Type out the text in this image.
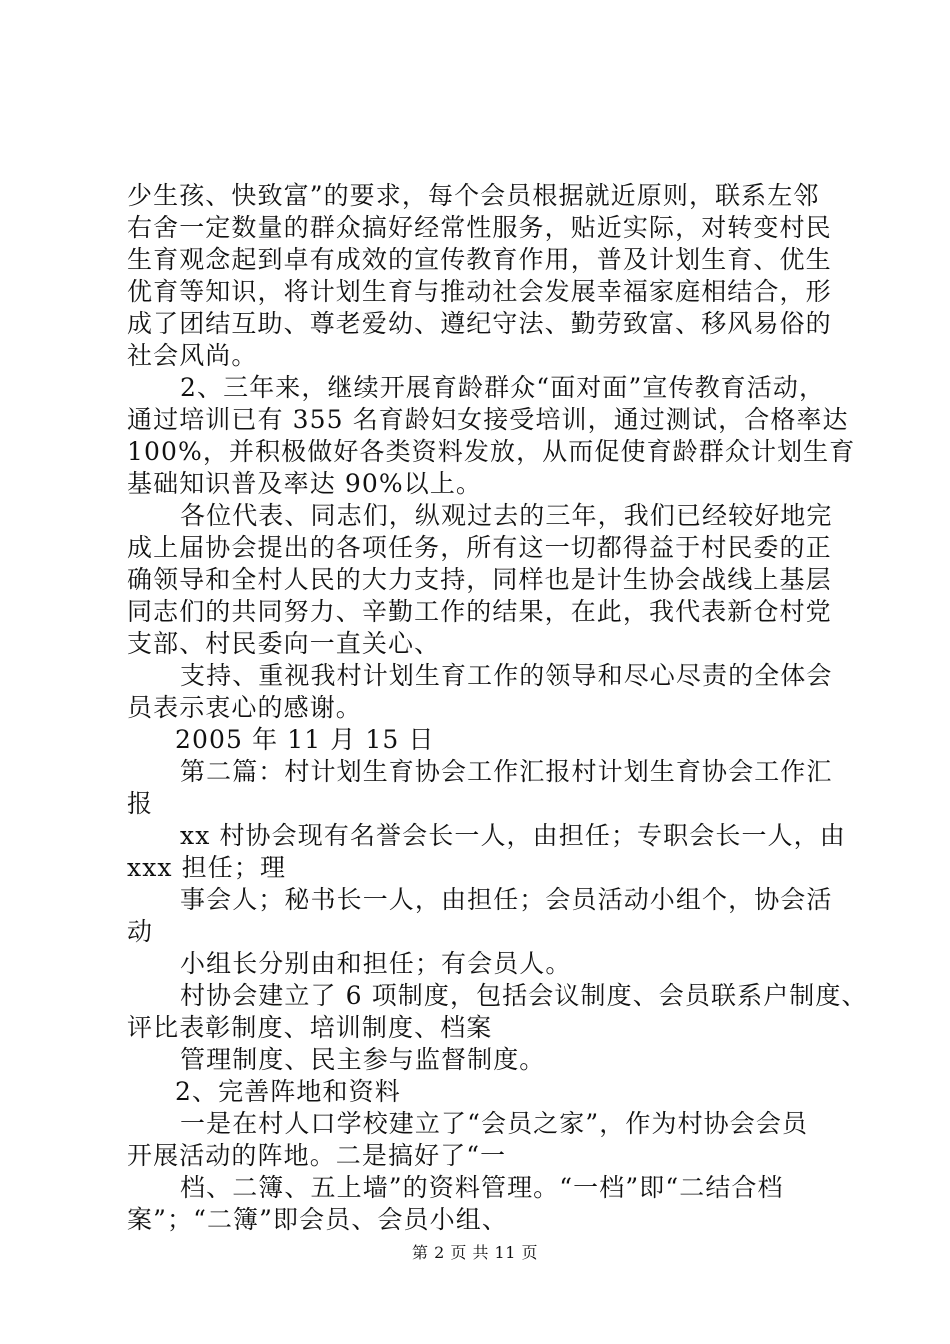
少生孩、快致富”的要求，每个会员根据就近原则，联系左邻
右舍一定数量的群众搞好经常性服务，贴近实际，对转变村民
生育观念起到卓有成效的宣传教育作用，普及计划生育、优生
优育等知识，将计划生育与推动社会发展幸福家庭相结合，形
成了团结互助、尊老爱幼、遵纪守法、勤劳致富、移风易俗的
社会风尚。
2、三年来，继续开展育龄群众“面对面”宣传教育活动，
通过培训已有 355 名育龄妇女接受培训，通过测试，合格率达
100%，并积极做好各类资料发放，从而促使育龄群众计划生育
基础知识普及率达 90%以上。
各位代表、同志们，纵观过去的三年，我们已经较好地完
成上届协会提出的各项任务，所有这一切都得益于村民委的正
确领导和全村人民的大力支持，同样也是计生协会战线上基层
同志们的共同努力、辛勤工作的结果，在此，我代表新仓村党
支部、村民委向一直关心、
支持、重视我村计划生育工作的领导和尽心尽责的全体会
员表示衷心的感谢。
2005 年 11 月 15 日
第二篇：村计划生育协会工作汇报村计划生育协会工作汇
报
xx 村协会现有名誉会长一人，由担任；专职会长一人，由
xxx 担任；理
事会人；秘书长一人，由担任；会员活动小组个，协会活
动
小组长分别由和担任；有会员人。
村协会建立了 6 项制度，包括会议制度、会员联系户制度、
评比表彰制度、培训制度、档案
管理制度、民主参与监督制度。
2、完善阵地和资料
一是在村人口学校建立了“会员之家”，作为村协会会员
开展活动的阵地。二是搞好了“一
档、二簿、五上墙”的资料管理。“一档”即“二结合档
案”；“二簿”即会员、会员小组、
第 2 页 共 11 页
